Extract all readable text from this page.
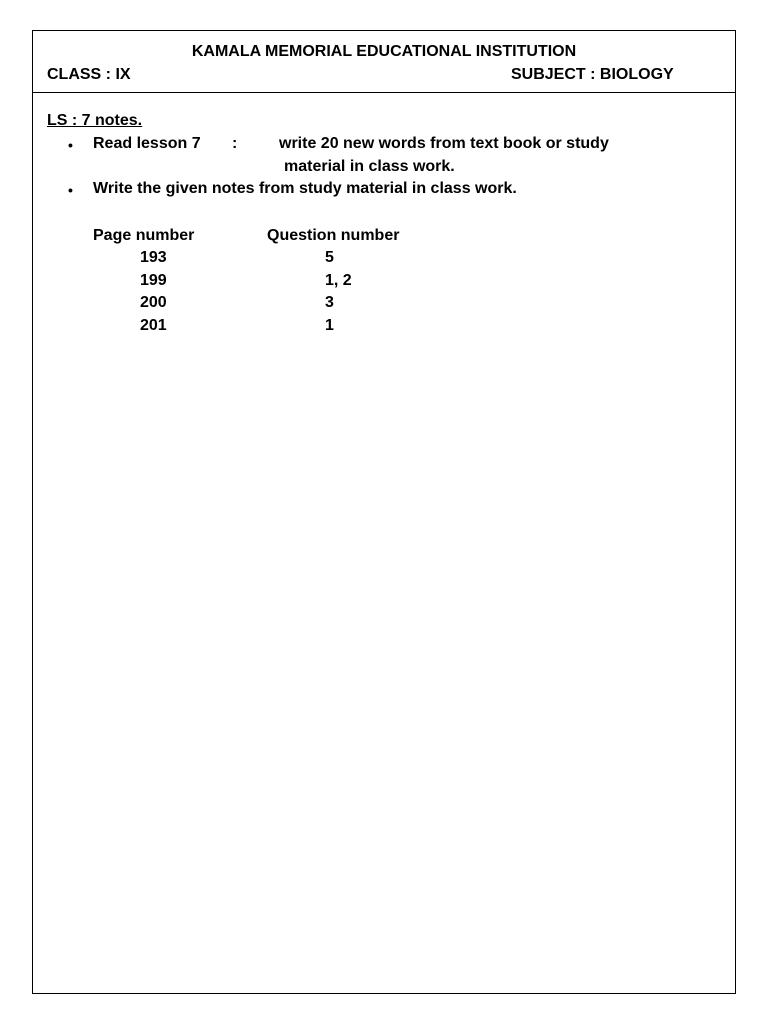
KAMALA MEMORIAL EDUCATIONAL INSTITUTION
CLASS : IX	SUBJECT : BIOLOGY
LS : 7 notes.
• Read lesson 7 :	write 20 new words from text book or study
material in class work.
• Write the given notes from study material in class work.
Page number	Question number
193	5
199	1, 2
200	3
201	1
